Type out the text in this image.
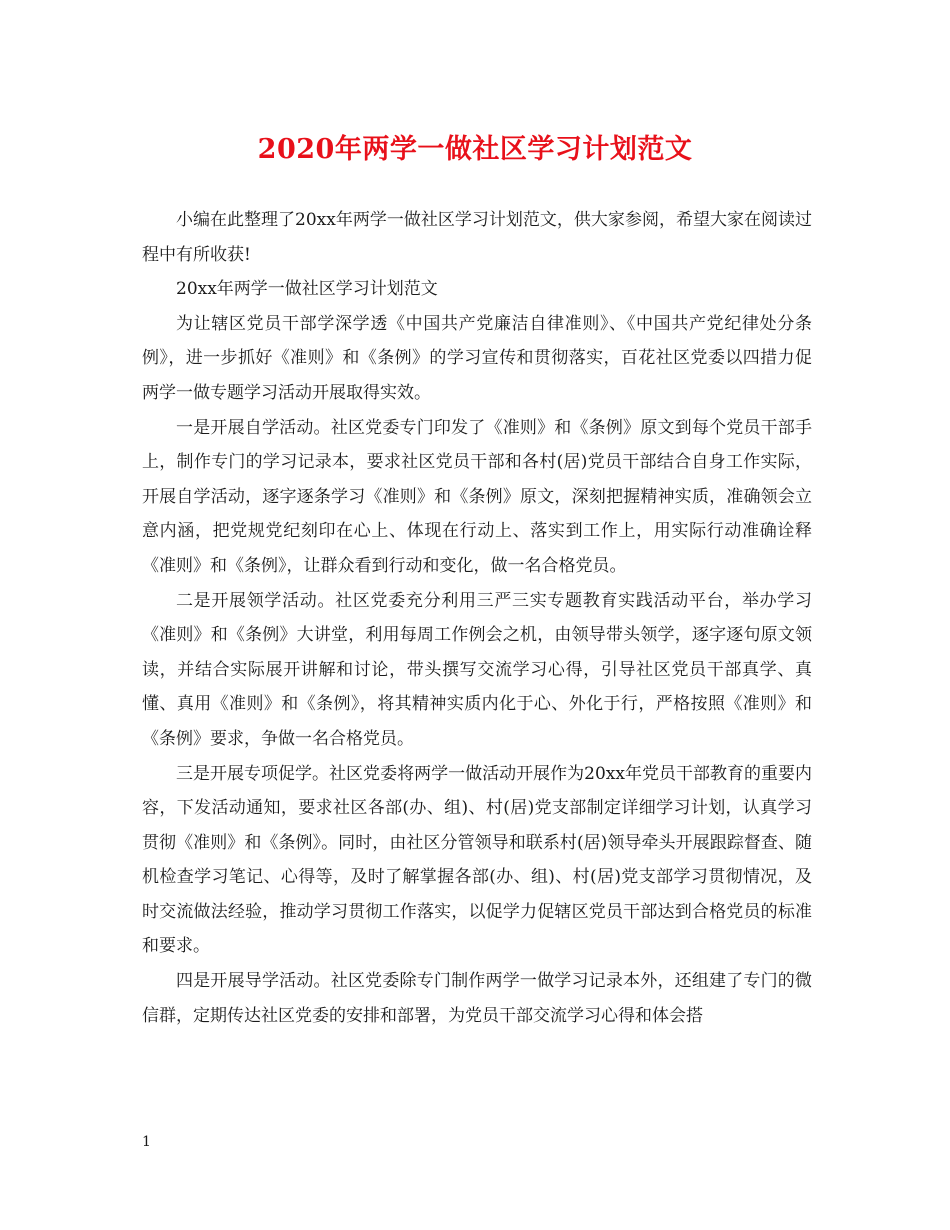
2020年两学一做社区学习计划范文

小编在此整理了20xx年两学一做社区学习计划范文，供大家参阅，希望大家在阅读过程中有所收获!

20xx年两学一做社区学习计划范文

为让辖区党员干部学深学透《中国共产党廉洁自律准则》、《中国共产党纪律处分条例》，进一步抓好《准则》和《条例》的学习宣传和贯彻落实，百花社区党委以四措力促两学一做专题学习活动开展取得实效。

一是开展自学活动。社区党委专门印发了《准则》和《条例》原文到每个党员干部手上，制作专门的学习记录本，要求社区党员干部和各村(居)党员干部结合自身工作实际，开展自学活动，逐字逐条学习《准则》和《条例》原文，深刻把握精神实质，准确领会立意内涵，把党规党纪刻印在心上、体现在行动上、落实到工作上，用实际行动准确诠释《准则》和《条例》，让群众看到行动和变化，做一名合格党员。

二是开展领学活动。社区党委充分利用三严三实专题教育实践活动平台，举办学习《准则》和《条例》大讲堂，利用每周工作例会之机，由领导带头领学，逐字逐句原文领读，并结合实际展开讲解和讨论，带头撰写交流学习心得，引导社区党员干部真学、真懂、真用《准则》和《条例》，将其精神实质内化于心、外化于行，严格按照《准则》和《条例》要求，争做一名合格党员。

三是开展专项促学。社区党委将两学一做活动开展作为20xx年党员干部教育的重要内容，下发活动通知，要求社区各部(办、组)、村(居)党支部制定详细学习计划，认真学习贯彻《准则》和《条例》。同时，由社区分管领导和联系村(居)领导牵头开展跟踪督查、随机检查学习笔记、心得等，及时了解掌握各部(办、组)、村(居)党支部学习贯彻情况，及时交流做法经验，推动学习贯彻工作落实，以促学力促辖区党员干部达到合格党员的标准和要求。

四是开展导学活动。社区党委除专门制作两学一做学习记录本外，还组建了专门的微信群，定期传达社区党委的安排和部署，为党员干部交流学习心得和体会搭

1
